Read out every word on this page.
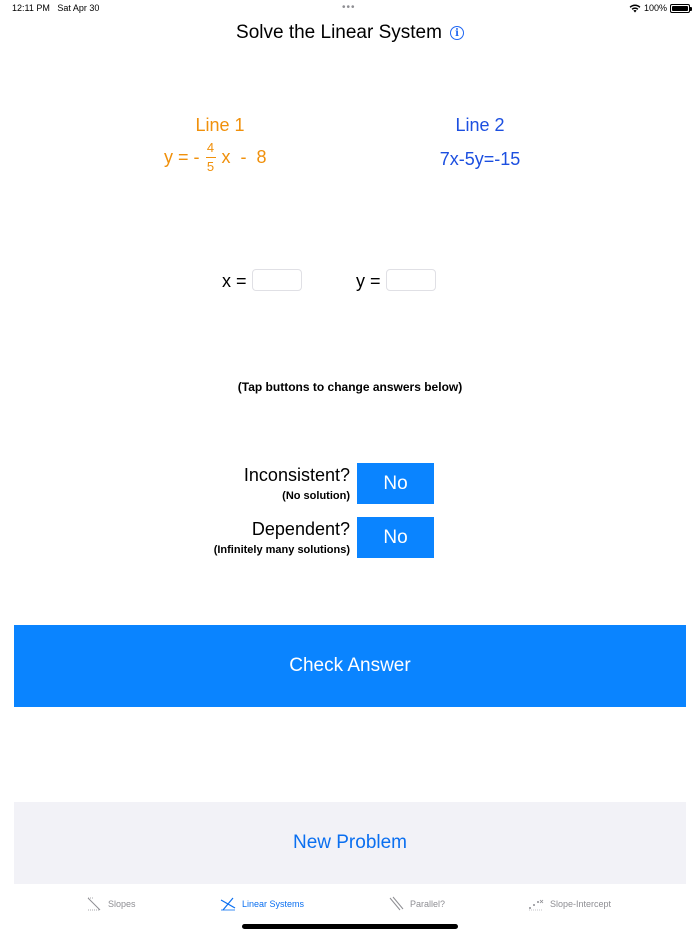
12:11 PM Sat Apr 30	•••	100%
Solve the Linear System	i
Line 1
y = - $\frac{4}{5}$ x  -  8
Line 2
7x-5y=-15
x =	y =
(Tap buttons to change answers below)
Inconsistent?
(No solution)
No
Dependent?
(Infinitely many solutions)
No
Check Answer
New Problem
Slopes	Linear Systems	Parallel?	Slope-Intercept
